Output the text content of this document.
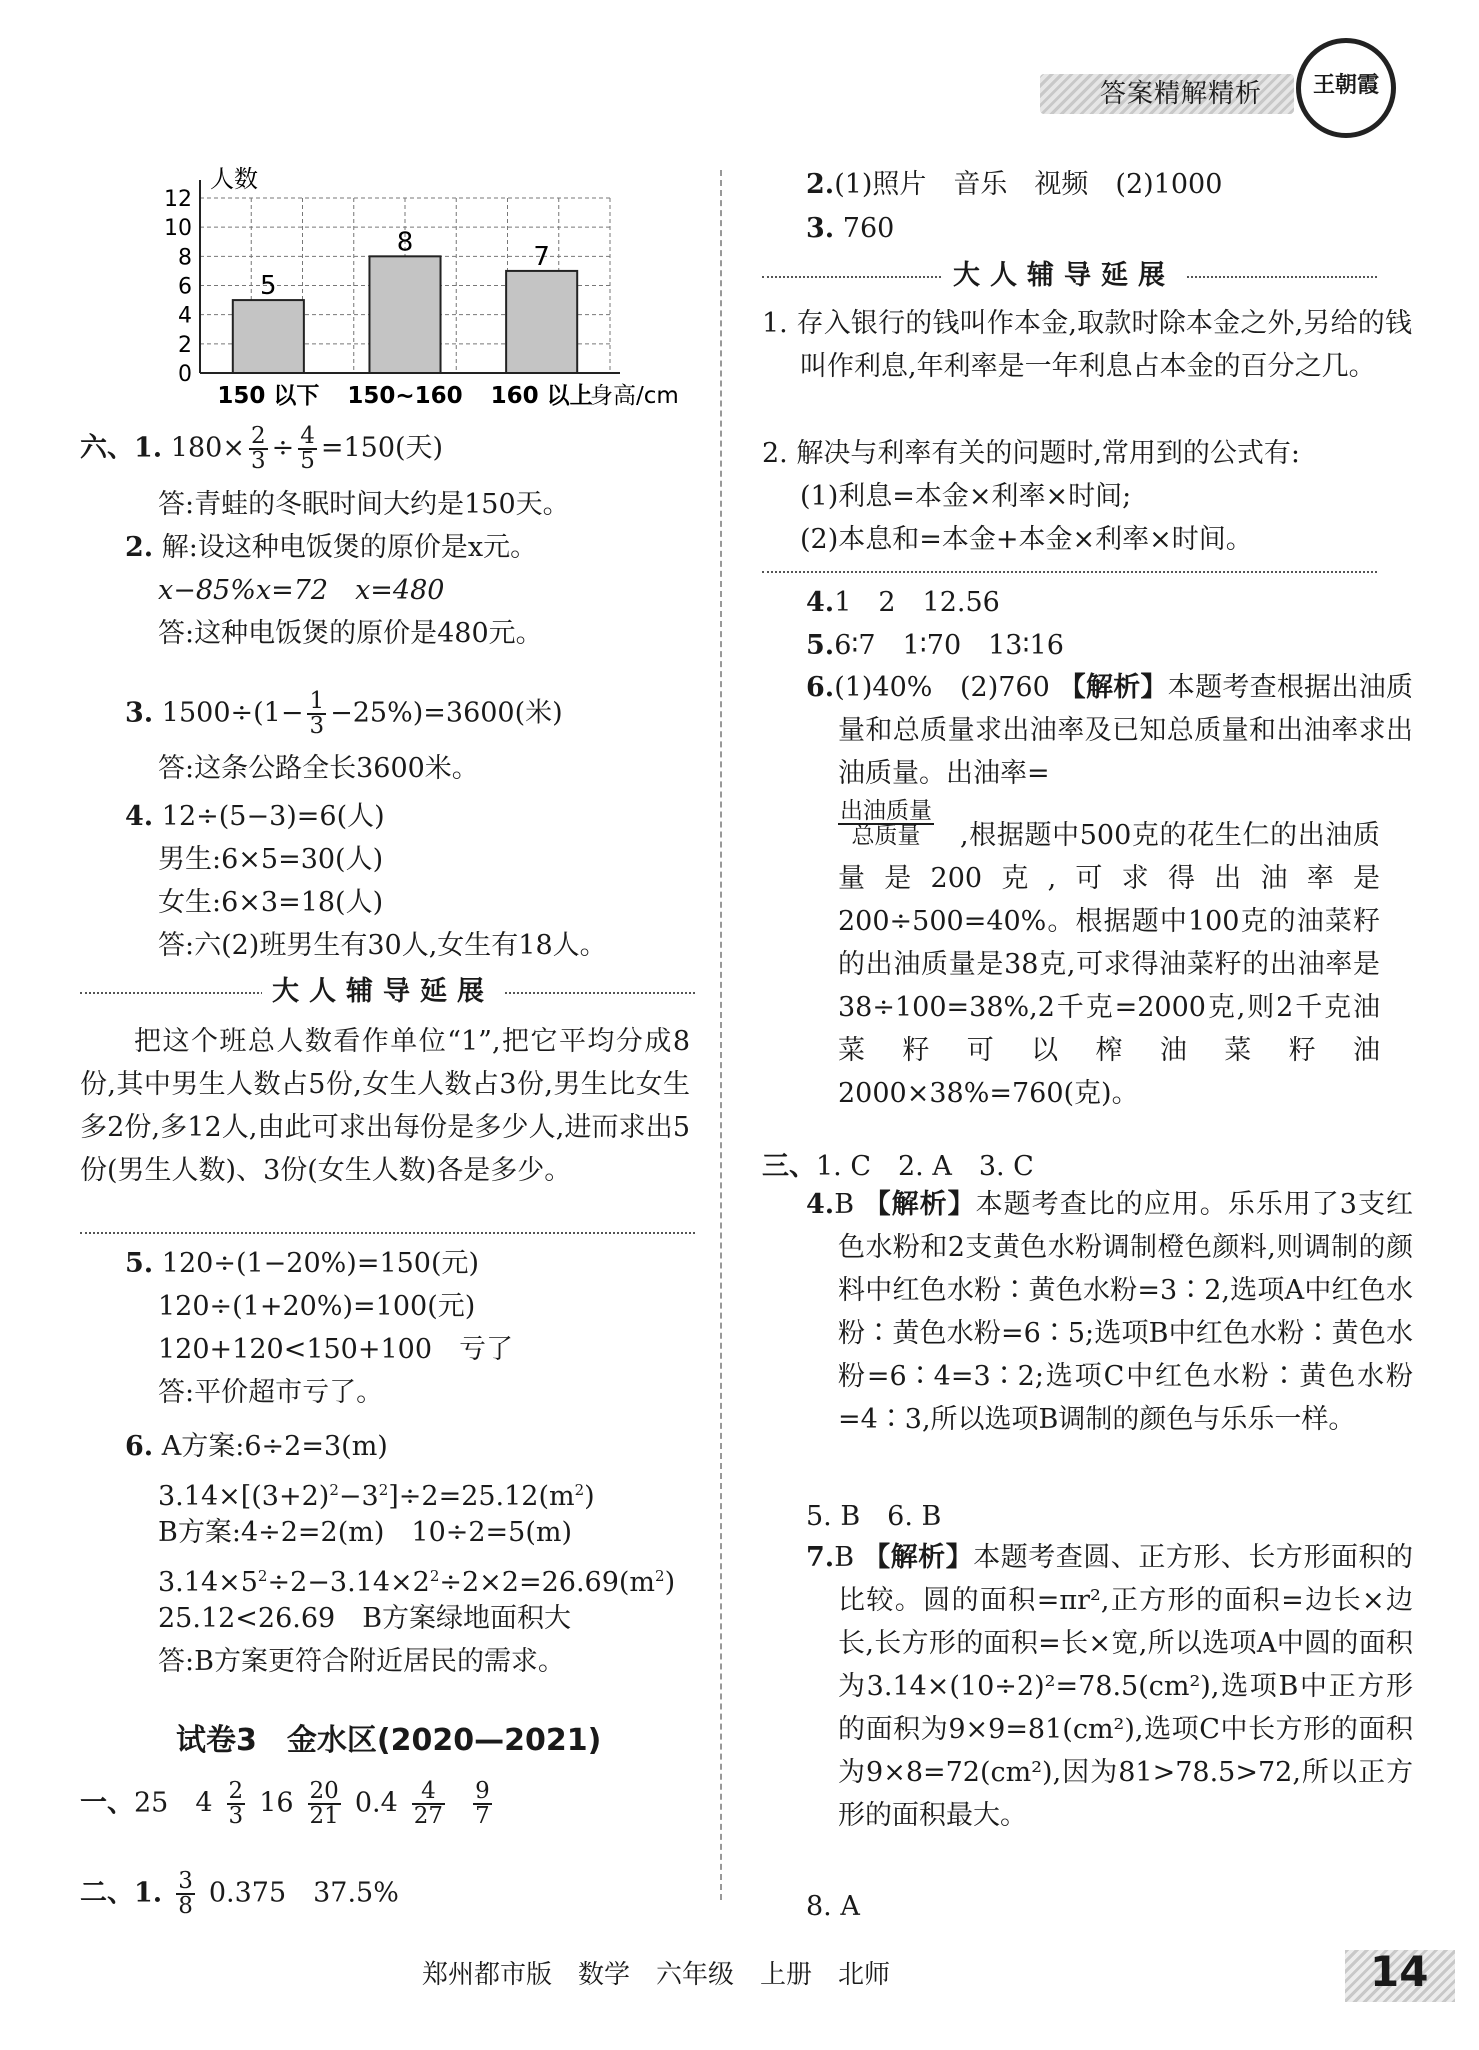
答案精解精析	王朝霞
5
8	7
0
2
4
6
8
10
12
150 以下 150~160 160 以上
人数
身高/cm
六、1. $180\times \frac{2}{3} \div \frac{4}{5} =150$(天)
答:青蛙的冬眠时间大约是150天。
2. 解:设这种电饭煲的原价是x元。
x−85%x=72　x=480
答:这种电饭煲的原价是480元。
3. $1500\div(1- \frac{1}{3} -25\%)=3600$(米)
答:这条公路全长3600米。
4. 12÷(5−3)=6(人)
男生:6×5=30(人)
女生:6×3=18(人)
答:六(2)班男生有30人,女生有18人。
大人辅导延展
把这个班总人数看作单位“1”,把它平均分成8份,其中男生人数占5份,女生人数占3份,男生比女生多2份,多12人,由此可求出每份是多少人,进而求出5份(男生人数)、3份(女生人数)各是多少。
5. 120÷(1−20%)=150(元)
120÷(1+20%)=100(元)
120+120<150+100　亏了
答:平价超市亏了。
6. A方案:6÷2=3(m)
$3.14\times[(3+2)^2-3^2]\div 2=25.12(m^2)$
B方案:4÷2=2(m)　10÷2=5(m)
$3.14\times 5^2\div 2-3.14\times 2^2\div 2\times 2=26.69(m^2)$
25.12<26.69　B方案绿地面积大
答:B方案更符合附近居民的需求。
试卷3　金水区(2020—2021)
一、25　$4 \frac{2}{3} 16 \frac{20}{21} 0.4 \frac{4}{27} \frac{9}{7}$
二、1. $\frac{3}{8} 0.375$　37.5%
2.(1)照片　音乐　视频　(2)1000
3. 760
大人辅导延展
1. 存入银行的钱叫作本金,取款时除本金之外,另给的钱叫作利息,年利率是一年利息占本金的百分之几。
2. 解决与利率有关的问题时,常用到的公式有:
(1)利息=本金×利率×时间;
(2)本息和=本金+本金×利率×时间。
4.1　2　12.56
5.6∶7　1∶70　13∶16
6.(1)40%　(2)760 【解析】本题考查根据出油质量和总质量求出油率及已知总质量和出油率求出油质量。出油率=
$\frac{\text{出油质量}}{\text{总质量}}$ ,根据题中500克的花生仁的出油质量是200克,可求得出油率是200÷500=40%。根据题中100克的油菜籽的出油质量是38克,可求得油菜籽的出油率是38÷100=38%,2千克=2000克,则2千克油菜籽可以榨油菜籽油2000×38%=760(克)。
三、1. C　2. A　3. C
4.B 【解析】本题考查比的应用。乐乐用了3支红色水粉和2支黄色水粉调制橙色颜料,则调制的颜料中红色水粉∶黄色水粉=3∶2,选项A中红色水粉∶黄色水粉=6∶5;选项B中红色水粉∶黄色水粉=6∶4=3∶2;选项C中红色水粉∶黄色水粉=4∶3,所以选项B调制的颜色与乐乐一样。
5. B　6. B
7.B 【解析】本题考查圆、正方形、长方形面积的比较。圆的面积=πr²,正方形的面积=边长×边长,长方形的面积=长×宽,所以选项A中圆的面积为3.14×(10÷2)²=78.5(cm²),选项B中正方形的面积为9×9=81(cm²),选项C中长方形的面积为9×8=72(cm²),因为81>78.5>72,所以正方形的面积最大。
8. A
郑州都市版　数学　六年级　上册　北师	14
